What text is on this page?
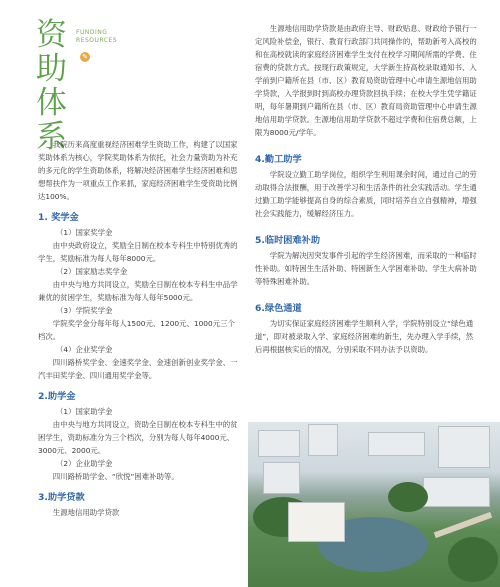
资
助
体
系
FUNDING
RESOURCES
✎

我院历来高度重视经济困难学生资助工作，构建了以国家奖助体系为核心，学院奖助体系为依托，社会力量资助为补充的多元化的学生资助体系，将解决经济困难学生经济困难和思想帮扶作为一项重点工作来抓，家庭经济困难学生受资助比例达100%。

1. 奖学金

（1）国家奖学金

由中央政府设立，奖励全日制在校本专科生中特别优秀的学生，奖励标准为每人每年8000元。

（2）国家励志奖学金

由中央与地方共同设立，奖励全日制在校本专科生中品学兼优的贫困学生，奖励标准为每人每年5000元。

（3）学院奖学金

学院奖学金分每年每人1500元、1200元、1000元三个档次。

（4）企业奖学金

四川路桥奖学金、金速奖学金、金速创新创业奖学金、一汽丰田奖学金、四川通用奖学金等。

2.助学金

（1）国家助学金

由中央与地方共同设立，资助全日制在校本专科生中的贫困学生，资助标准分为三个档次，分别为每人每年4000元、3000元、2000元。

（2）企业助学金

四川路桥助学金、“欣悦”困难补助等。

3.助学贷款

生源地信用助学贷款

生源地信用助学贷款是由政府主导、财政贴息、财政给予银行一定风险补偿金，银行、教育行政部门共同操作的，帮助新考入高校的和在高校就读的家庭经济困难学生支付在校学习期间所需的学费、住宿费的贷款方式。按现行政策规定，大学新生持高校录取通知书、入学前到户籍所在县（市、区）教育局资助管理中心申请生源地信用助学贷款，入学报到时到高校办理贷款回执手续；在校大学生凭学籍证明，每年暑期到户籍所在县（市、区）教育局资助管理中心申请生源地信用助学贷款。生源地信用助学贷款不超过学费和住宿费总额，上限为8000元/学年。

4.勤工助学

学院设立勤工助学岗位，组织学生利用课余时间，通过自己的劳动取得合法报酬，用于改善学习和生活条件的社会实践活动。学生通过勤工助学能够提高自身的综合素质，同时培养自立自强精神，增强社会实践能力，缓解经济压力。

5.临时困难补助

学院为解决因突发事件引起的学生经济困难，而采取的一种临时性补助。如特困生生活补助、特困新生入学困难补助、学生大病补助等特殊困难补助。

6.绿色通道

为切实保证家庭经济困难学生顺利入学，学院特别设立“绿色通道”，即对被录取入学、家庭经济困难的新生，先办理入学手续，然后再根据核实后的情况，分别采取不同办法予以资助。
